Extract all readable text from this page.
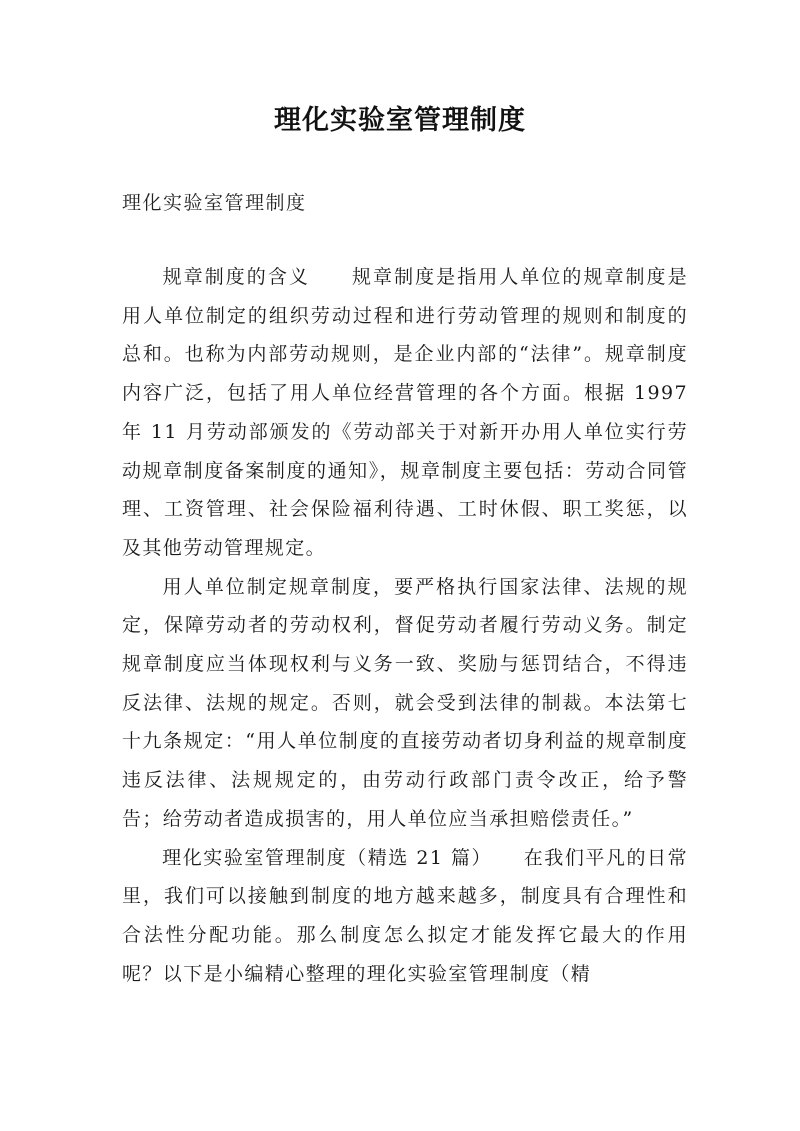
理化实验室管理制度
理化实验室管理制度

规章制度的含义　　规章制度是指用人单位的规章制度是用人单位制定的组织劳动过程和进行劳动管理的规则和制度的总和。也称为内部劳动规则，是企业内部的“法律”。规章制度内容广泛，包括了用人单位经营管理的各个方面。根据 1997 年 11 月劳动部颁发的《劳动部关于对新开办用人单位实行劳动规章制度备案制度的通知》，规章制度主要包括：劳动合同管理、工资管理、社会保险福利待遇、工时休假、职工奖惩，以及其他劳动管理规定。

用人单位制定规章制度，要严格执行国家法律、法规的规定，保障劳动者的劳动权利，督促劳动者履行劳动义务。制定规章制度应当体现权利与义务一致、奖励与惩罚结合，不得违反法律、法规的规定。否则，就会受到法律的制裁。本法第七十九条规定：“用人单位制度的直接劳动者切身利益的规章制度违反法律、法规规定的，由劳动行政部门责令改正，给予警告；给劳动者造成损害的，用人单位应当承担赔偿责任。”

理化实验室管理制度（精选 21 篇）　　在我们平凡的日常里，我们可以接触到制度的地方越来越多，制度具有合理性和合法性分配功能。那么制度怎么拟定才能发挥它最大的作用呢？以下是小编精心整理的理化实验室管理制度（精
